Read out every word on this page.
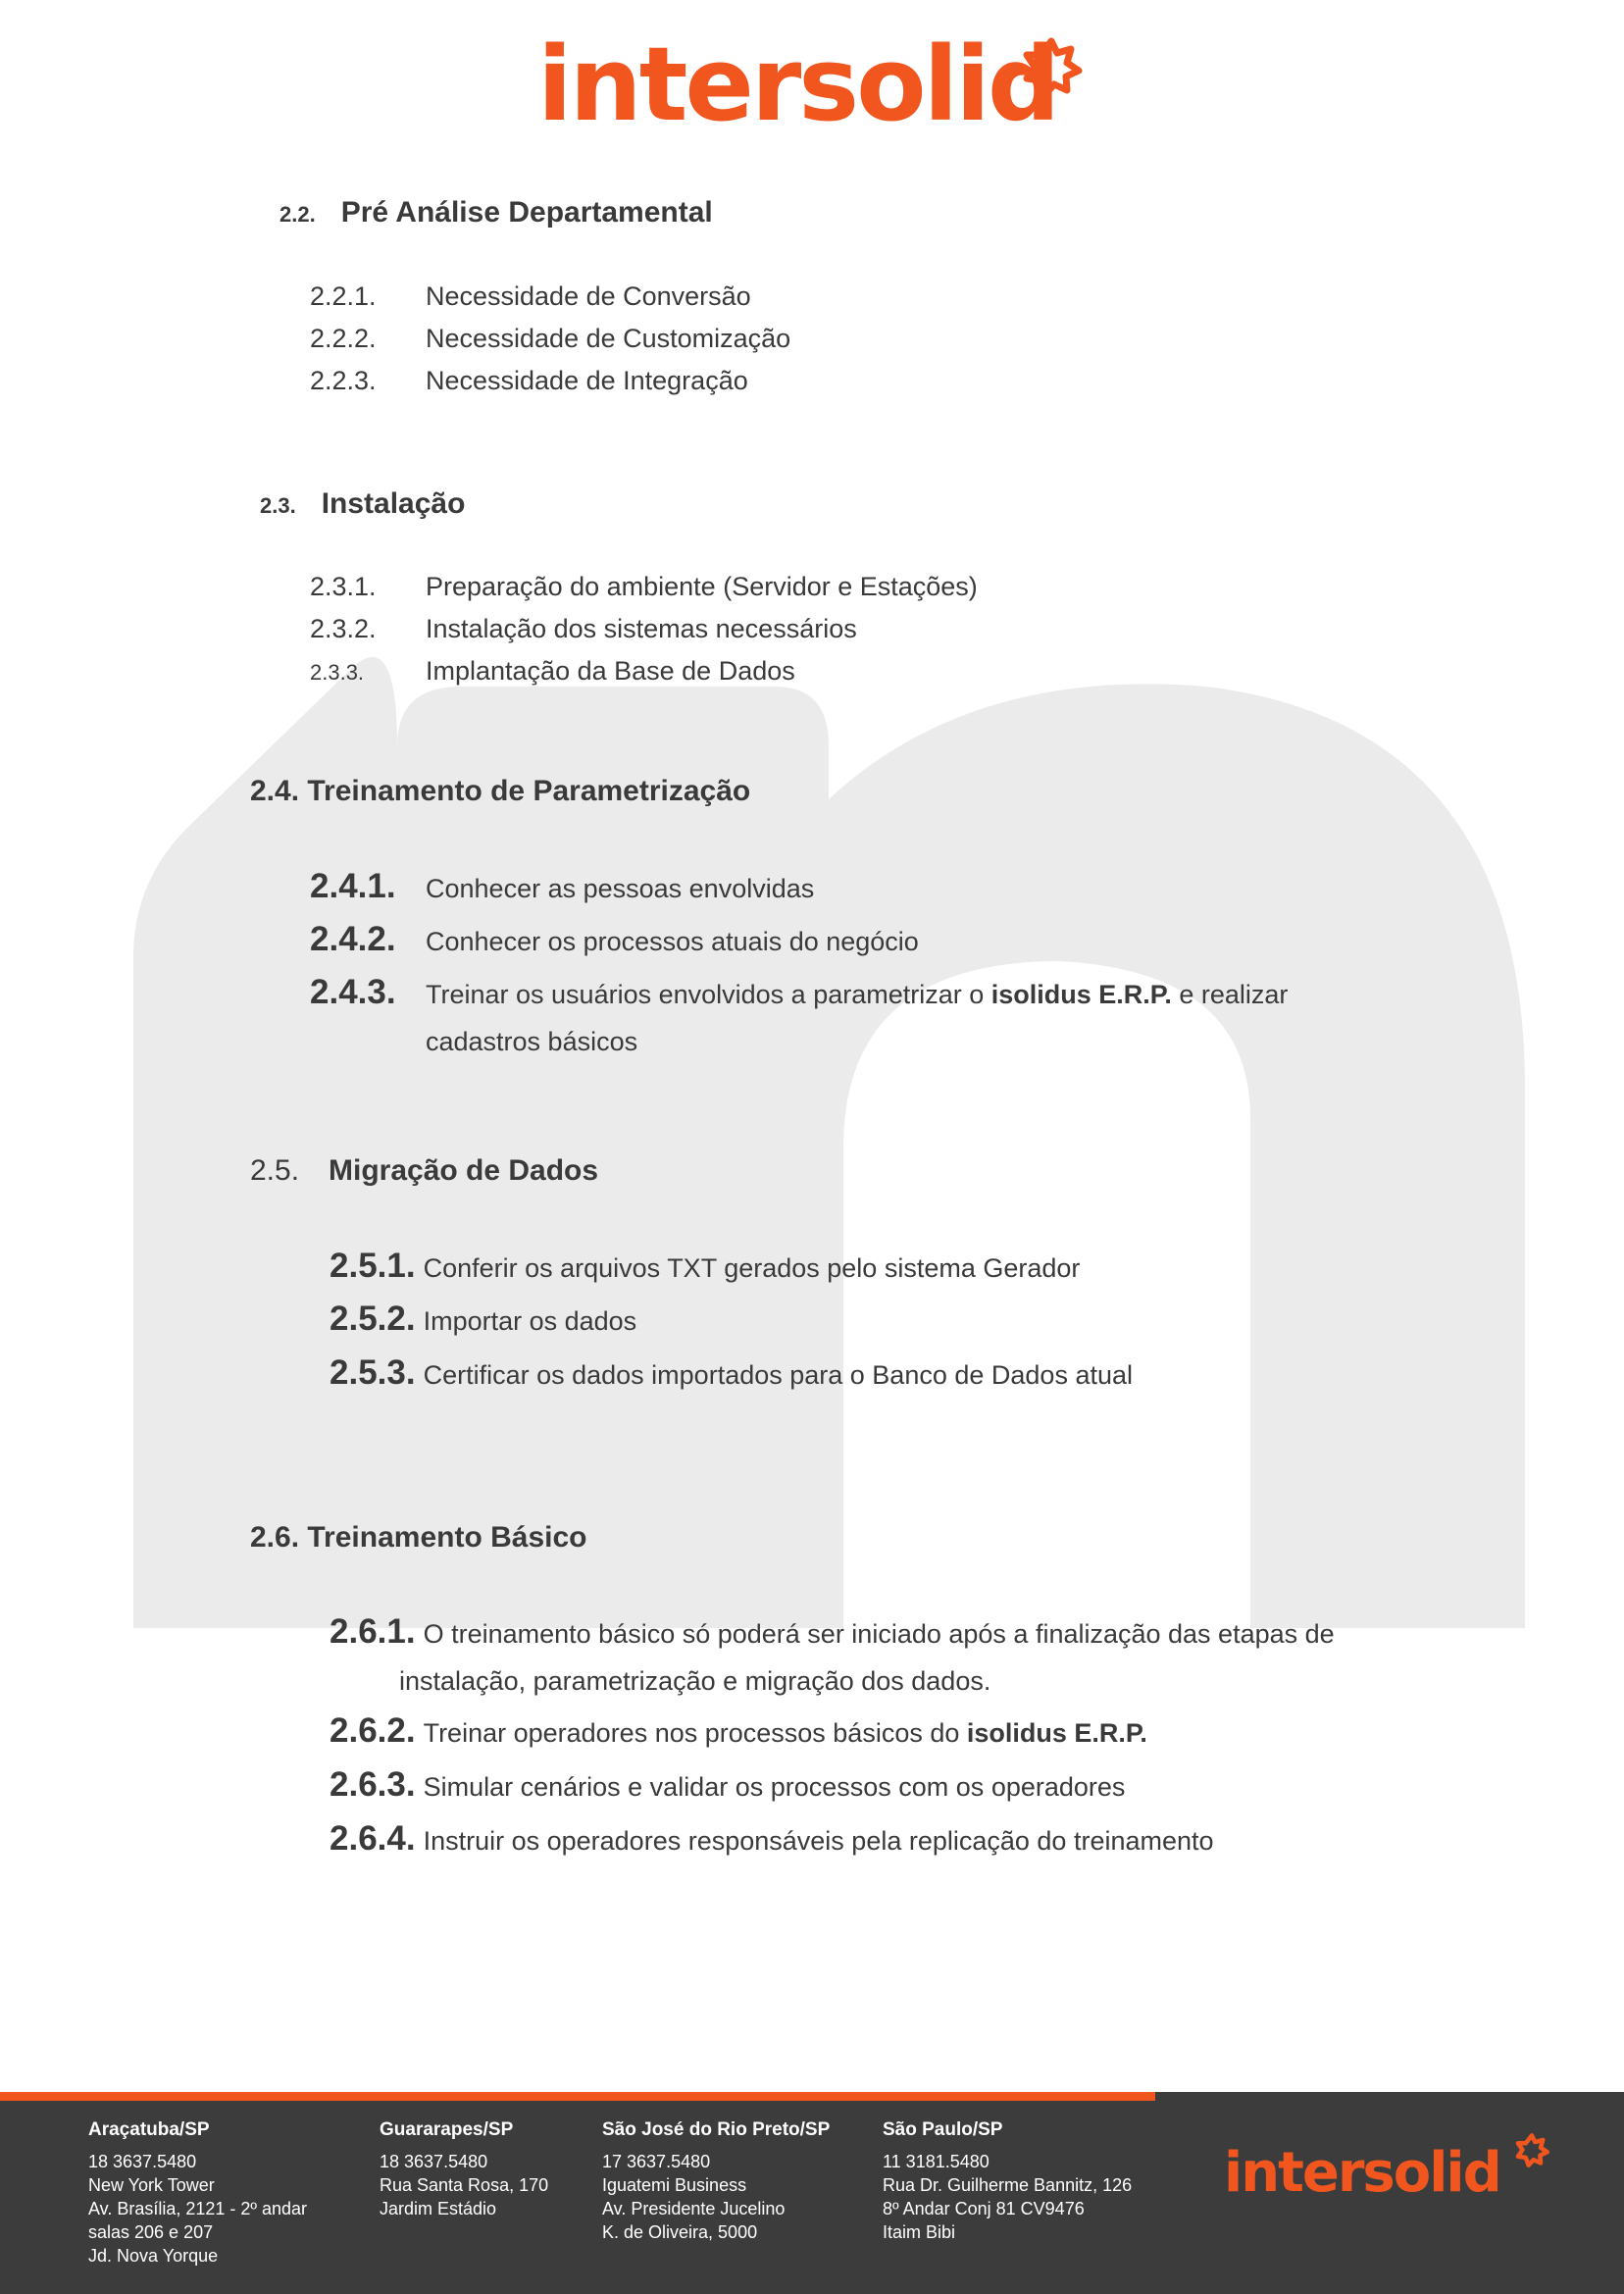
intersolid
2.2. Pré Análise Departamental
2.2.1. Necessidade de Conversão
2.2.2. Necessidade de Customização
2.2.3. Necessidade de Integração
2.3. Instalação
2.3.1. Preparação do ambiente (Servidor e Estações)
2.3.2. Instalação dos sistemas necessários
2.3.3. Implantação da Base de Dados
2.4. Treinamento de Parametrização
2.4.1. Conhecer as pessoas envolvidas
2.4.2. Conhecer os processos atuais do negócio
2.4.3. Treinar os usuários envolvidos a parametrizar o isolidus E.R.P. e realizar
cadastros básicos
2.5. Migração de Dados
2.5.1. Conferir os arquivos TXT gerados pelo sistema Gerador
2.5.2. Importar os dados
2.5.3. Certificar os dados importados para o Banco de Dados atual
2.6. Treinamento Básico
2.6.1. O treinamento básico só poderá ser iniciado após a finalização das etapas de
instalação, parametrização e migração dos dados.
2.6.2. Treinar operadores nos processos básicos do isolidus E.R.P.
2.6.3. Simular cenários e validar os processos com os operadores
2.6.4. Instruir os operadores responsáveis pela replicação do treinamento
Araçatuba/SP
18 3637.5480
New York Tower
Av. Brasília, 2121 - 2º andar
salas 206 e 207
Jd. Nova Yorque
Guararapes/SP
18 3637.5480
Rua Santa Rosa, 170
Jardim Estádio
São José do Rio Preto/SP
17 3637.5480
Iguatemi Business
Av. Presidente Jucelino
K. de Oliveira, 5000
São Paulo/SP
11 3181.5480
Rua Dr. Guilherme Bannitz, 126
8º Andar Conj 81 CV9476
Itaim Bibi
intersolid
